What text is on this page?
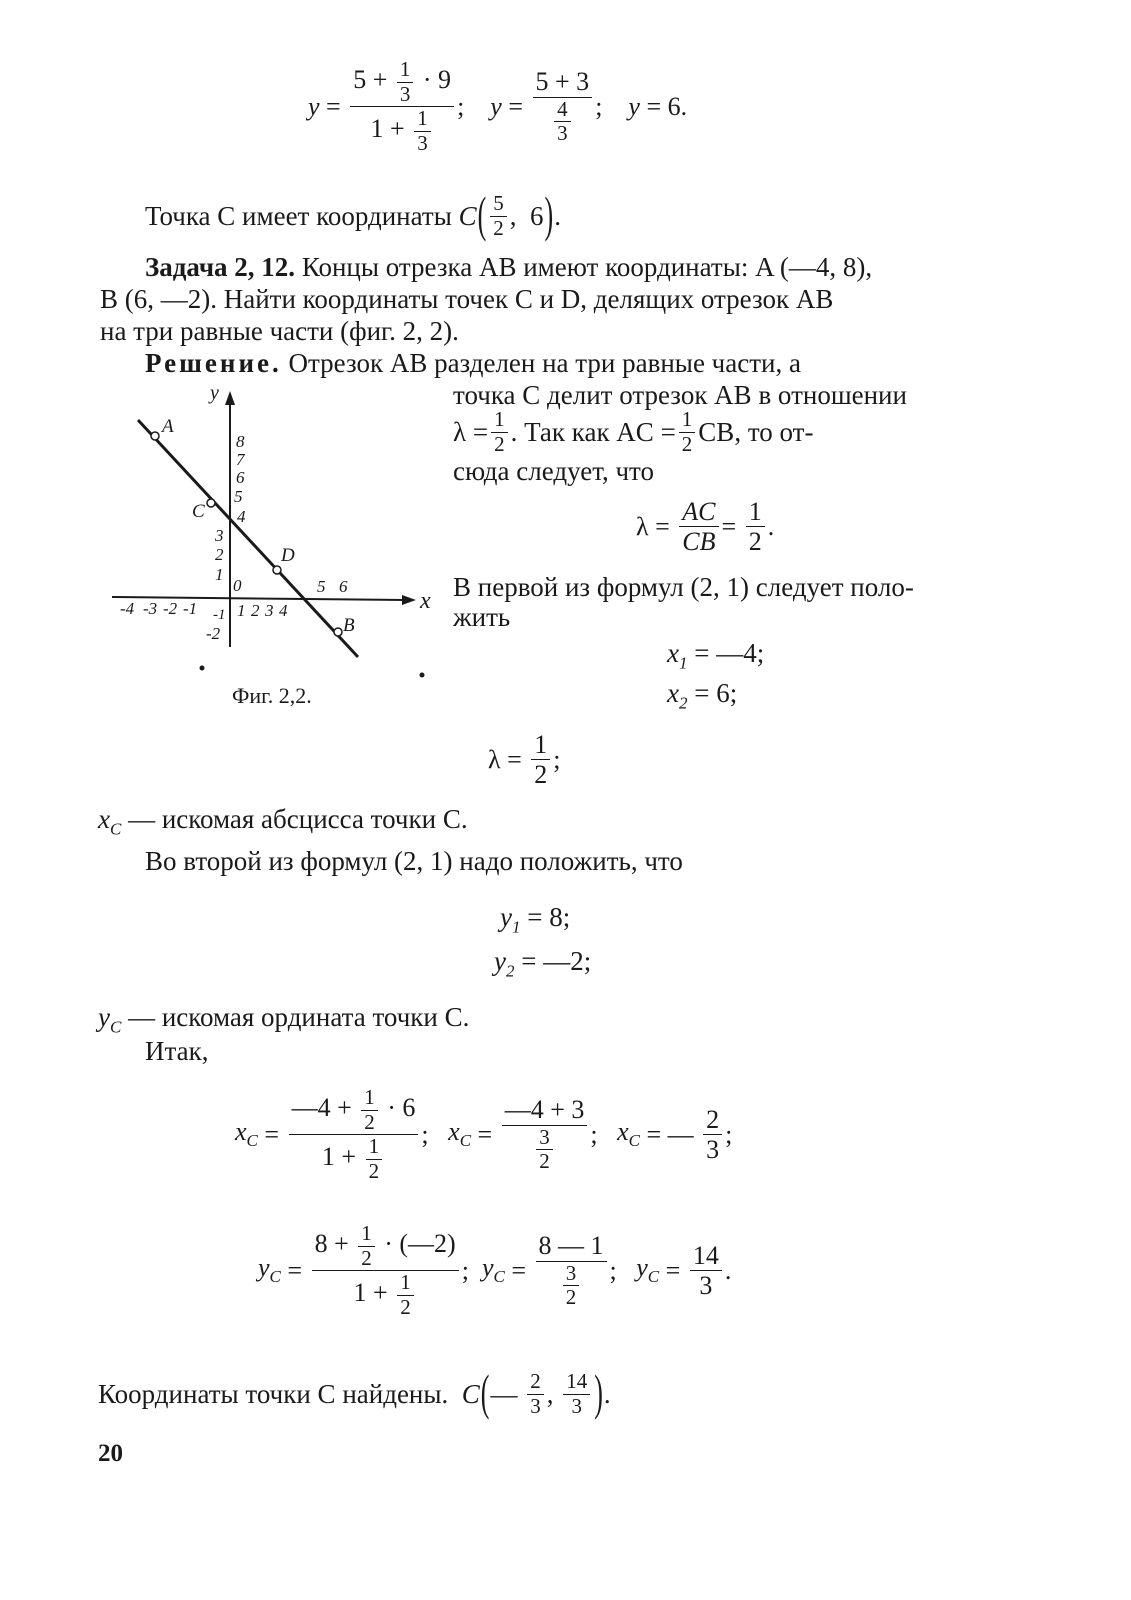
$y = \frac{5 + \frac{1}{3} \cdot 9}{1 + \frac{1}{3}}$ ; $y = \frac{5 + 3}{\frac{4}{3}}$ ; y = 6.
Точка C имеет координаты
C ( $\frac{5}{2}$ ,  6 ) .
Задача 2, 12. Концы отрезка AB имеют координаты: A (—4, 8),
B (6, —2). Найти координаты точек C и D, делящих отрезок AB
на три равные части (фиг. 2, 2).
Решение. Отрезок AB разделен на три равные части, а
точка C делит отрезок AB в отношении
$\lambda = \frac{1}{2}$ . Так как AC = $\frac{1}{2}$ CB, то от-
сюда следует, что
$\lambda = \frac{AC}{CB} = \frac{1}{2}$ .
В первой из формул (2, 1) следует поло-
жить
$x_1$ = —4;
$x_2 = 6$;
$\lambda = \frac{1}{2}$ ;
A
C
D
B
y
x
0
8
7
6
5
4
3
2
1
-1
-2
-4 -3 -2 -1 1 2 3 4
5 6
Фиг. 2,2.
$x_C$ — искомая абсцисса точки C.
Во второй из формул (2, 1) надо положить, что
$y_1 = 8$;
$y_2$ = —2;
$y_C$ — искомая ордината точки C.
Итак,
$x_C = \frac{—4 + \frac{1}{2} \cdot 6}{1 + \frac{1}{2}}$ ; $x_C = \frac{—4 + 3}{\frac{3}{2}}$ ; $x_C$ = — $\frac{2}{3}$ ;
$y_C = \frac{8 + \frac{1}{2} \cdot (—2)}{1 + \frac{1}{2}}$ ; $y_C = \frac{8 — 1}{\frac{3}{2}}$ ; $y_C = \frac{14}{3}$ .
Координаты точки C найдены.
C ( — $\frac{2}{3}$ , $\frac{14}{3}$ ) .
20
